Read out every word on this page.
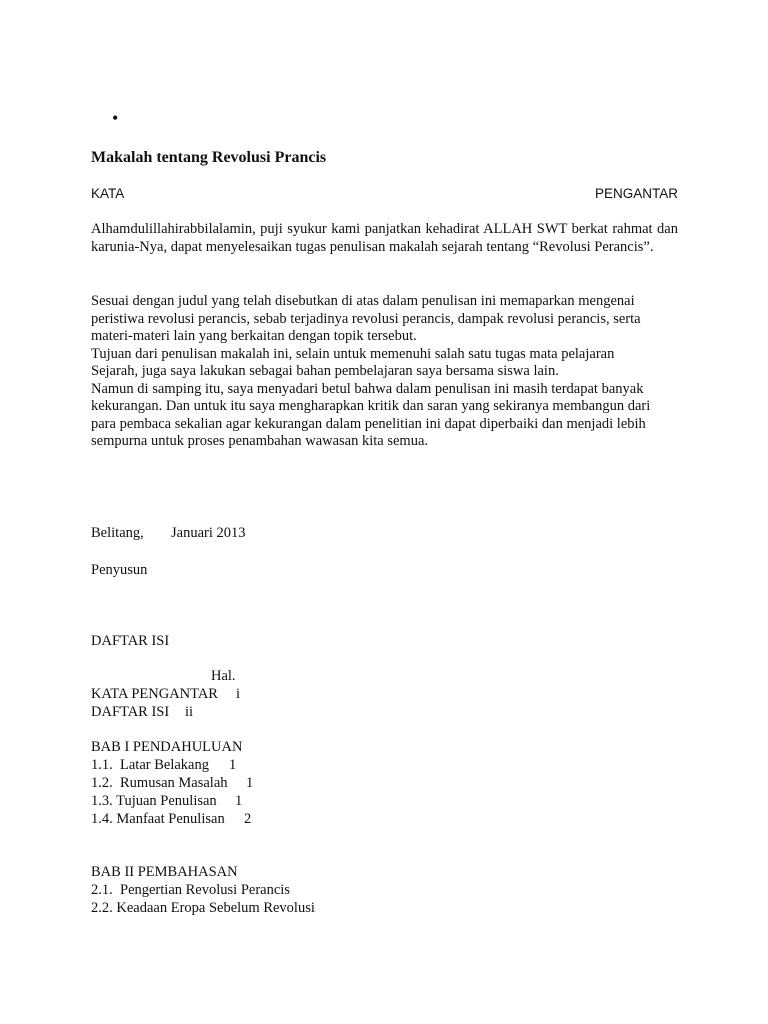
•
Makalah tentang Revolusi Prancis
KATA	PENGANTAR
Alhamdulillahirabbilalamin, puji syukur kami panjatkan kehadirat ALLAH SWT berkat rahmat dan karunia-Nya, dapat menyelesaikan tugas penulisan makalah sejarah tentang “Revolusi Perancis”.

Sesuai dengan judul yang telah disebutkan di atas dalam penulisan ini memaparkan mengenai

peristiwa revolusi perancis, sebab terjadinya revolusi perancis, dampak revolusi perancis, serta

materi-materi lain yang berkaitan dengan topik tersebut.

Tujuan dari penulisan makalah ini, selain untuk memenuhi salah satu tugas mata pelajaran

Sejarah, juga saya lakukan sebagai bahan pembelajaran saya bersama siswa lain.

Namun di samping itu, saya menyadari betul bahwa dalam penulisan ini masih terdapat banyak

kekurangan. Dan untuk itu saya mengharapkan kritik dan saran yang sekiranya membangun dari

para pembaca sekalian agar kekurangan dalam penelitian ini dapat diperbaiki dan menjadi lebih

sempurna untuk proses penambahan wawasan kita semua.

Belitang, Januari 2013
Penyusun
DAFTAR ISI
Hal.
KATA PENGANTAR i
DAFTAR ISI ii
BAB I PENDAHULUAN
1.1.  Latar Belakang 1
1.2.  Rumusan Masalah 1
1.3. Tujuan Penulisan 1
1.4. Manfaat Penulisan 2
BAB II PEMBAHASAN
2.1.  Pengertian Revolusi Perancis
2.2. Keadaan Eropa Sebelum Revolusi
